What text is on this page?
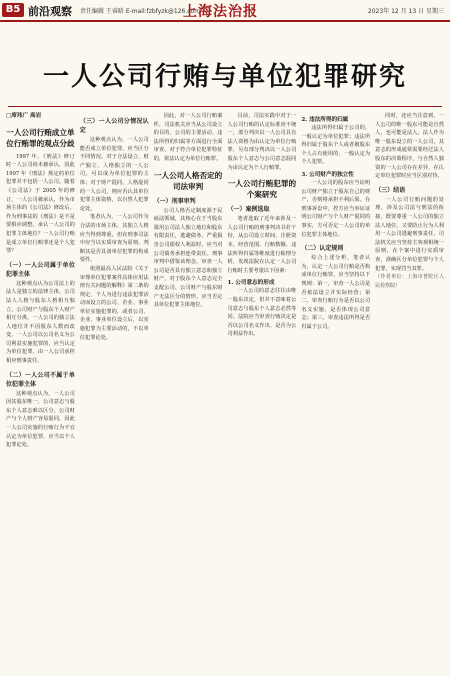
B5 前沿观察 责任编辑 王睿晗 E-mail:fzbfyzk@126.com
上海法治报	2023年 12 月 13 日 星期三
一人公司行贿与单位犯罪研究

□席玮广 高岩

一人公司行贿成立单位行贿罪的观点分歧

1997 年，《刑法》修订时一人公司尚未被承认，因此 1997 年《刑法》规定的单位犯罪并不包括一人公司。随着《公司法》于 2005 年的修订，一人公司被承认，作为市场主体的《公司法》修改后，作为刑事法的《刑法》是不是要相应调整，承认一人公司的犯罪主体地位？一人公司行贿是成立单位行贿罪还是个人犯罪？

（一）一人公司属于单位犯罪主体

这种观点认为公司法上的法人是独立的法律主体，公司法人人格与股东人格相互独立，公司财产与股东个人财产相互分离，一人公司的独立法人地位并不因股东人数而改变。一人公司以公司名义为公司利益实施犯罪的，应当认定为单位犯罪，由一人公司承担相应刑事责任。

（二）一人公司不属于单位犯罪主体

这种观点认为，一人公司因其股东唯一，公司意志与股东个人意志难以区分，公司财产与个人财产容易混同，因此一人公司实施的行贿行为不宜认定为单位犯罪，应当以个人犯罪论处。

（三）一人公司分情况认定

这种观点认为，一人公司能否成立单位犯罪，应当区分不同情况。对于合法设立、财产独立、人格独立的一人公司，可以成为单位犯罪的主体；对于财产混同、人格混同的一人公司，则应否认其单位犯罪主体资格，以自然人犯罪论处。

笔者认为，一人公司作为合法的市场主体，其独立人格应当得到尊重，但在刑事司法中应当以实质审查为原则，判断其是否具备单位犯罪的构成要件。

依照最高人民法院《关于审理单位犯罪案件具体应用法律有关问题的解释》第二条的规定，个人为进行违法犯罪活动而设立的公司、企业、事业单位实施犯罪的，或者公司、企业、事业单位设立后，以实施犯罪为主要活动的，不以单位犯罪论处。

因此，对一人公司行贿案件，司法机关应当从公司设立的目的、公司的主要活动、违法所得的归属等方面进行全面审查，对于符合单位犯罪特征的，依法认定为单位行贿罪。

一人公司人格否定的司法审判
（一）刑事审判

公司人格否定制度源于民商法领域，其核心在于当股东滥用公司法人独立地位和股东有限责任，逃避债务，严重损害公司债权人利益时，应当对公司债务承担连带责任。刑事审判中借鉴该理念，审查一人公司是否具有独立意志和独立财产，对于股东个人意志完全支配公司、公司财产与股东财产无法区分的情形，应当否定其单位犯罪主体地位。

目前，司法实践中对于一人公司行贿的认定标准尚不统一，部分判决以一人公司具有法人资格为由认定为单位行贿罪，另有部分判决以一人公司股东个人意志与公司意志混同为由认定为个人行贿罪。

一人公司行贿犯罪的个案研究
（一）案例选取

笔者选取了近年来涉及一人公司行贿的刑事判决书若干份，从公司设立时间、注册资本、经营范围、行贿数额、违法所得归属等维度进行梳理分析，发现法院在认定一人公司行贿时主要考量以下因素：

1. 公司意志的形成

一人公司的意志往往由唯一股东决定，但并不意味着公司意志与股东个人意志必然等同。法院应当审查行贿决定是否以公司名义作出、是否为公司利益作出。

2. 违法所得的归属

违法所得归属于公司的，一般认定为单位犯罪；违法所得归属于股东个人或者被股东个人占有使用的，一般认定为个人犯罪。

3. 公司财产的独立性

一人公司的股东应当证明公司财产独立于股东自己的财产，否则将承担不利后果。在刑事诉讼中，控方应当举证证明公司财产与个人财产混同的事实，方可否定一人公司的单位犯罪主体地位。

（二）认定规则

综合上述分析，笔者认为，认定一人公司行贿是否构成单位行贿罪，应当坚持以下规则：第一，审查一人公司是否依法设立并实际经营；第二，审查行贿行为是否以公司名义实施、是否体现公司意志；第三，审查违法所得是否归属于公司。

同时，还应当注意到，一人公司的唯一股东可能是自然人，也可能是法人。法人作为唯一股东设立的一人公司，其意志的形成通常需要经过法人股东的决策程序，与自然人独资的一人公司存在差异，在认定单位犯罪时应当区别对待。

（三）结语

一人公司行贿问题的处理，涉及公司法与刑法的衔接，既要尊重一人公司的独立法人地位，又要防止行为人利用一人公司逃避刑事责任。司法机关应当坚持主客观相统一原则，在个案中进行实质审查，准确区分单位犯罪与个人犯罪，实现罚当其罪。

（作者单位：上海市普陀区人民检察院）
